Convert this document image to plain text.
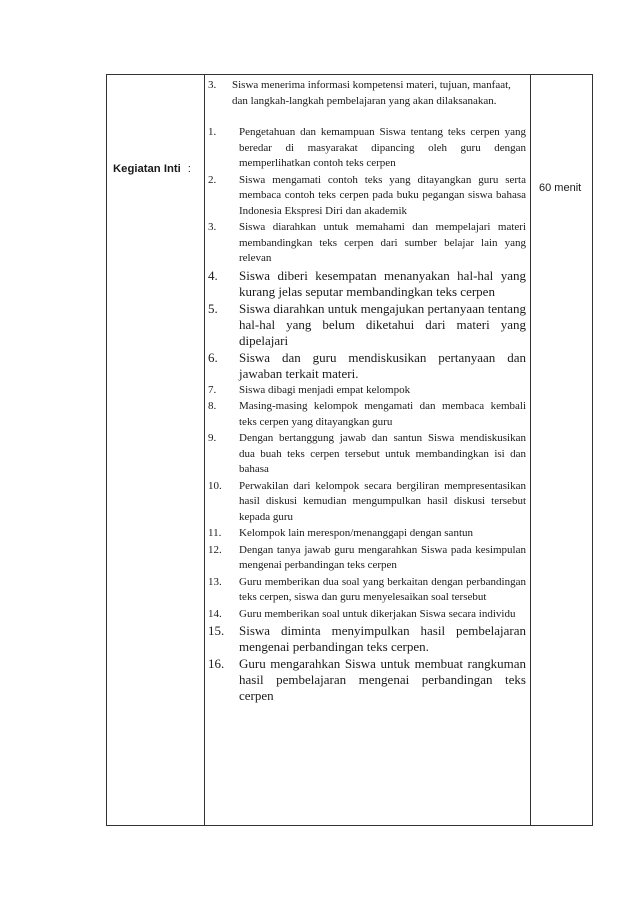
Kegiatan Inti :
3. Siswa menerima informasi kompetensi materi, tujuan, manfaat, dan langkah-langkah pembelajaran yang akan dilaksanakan.
1.	Pengetahuan dan kemampuan Siswa tentang teks cerpen yang beredar di masyarakat dipancing oleh guru dengan memperlihatkan contoh teks cerpen
2.	Siswa mengamati contoh teks yang ditayangkan guru serta membaca contoh teks cerpen pada buku pegangan siswa bahasa Indonesia Ekspresi Diri dan akademik
3.	Siswa diarahkan untuk memahami dan mempelajari materi membandingkan teks cerpen dari sumber belajar lain yang relevan
4.	Siswa diberi kesempatan menanyakan hal-hal yang kurang jelas seputar membandingkan teks cerpen
5.	Siswa diarahkan untuk mengajukan pertanyaan tentang hal-hal yang belum diketahui dari materi yang dipelajari
6.	Siswa dan guru mendiskusikan pertanyaan dan jawaban terkait materi.
7.	Siswa dibagi menjadi empat kelompok
8.	Masing-masing kelompok mengamati dan membaca kembali teks cerpen yang ditayangkan guru
9.	Dengan bertanggung jawab dan santun Siswa mendiskusikan dua buah teks cerpen tersebut untuk membandingkan isi dan bahasa
10.	Perwakilan dari kelompok secara bergiliran mempresentasikan hasil diskusi kemudian mengumpulkan hasil diskusi tersebut kepada guru
11.	Kelompok lain merespon/menanggapi dengan santun
12.	Dengan tanya jawab guru mengarahkan Siswa pada kesimpulan mengenai perbandingan teks cerpen
13.	Guru memberikan dua soal yang berkaitan dengan perbandingan teks cerpen, siswa dan guru menyelesaikan soal tersebut
14.	Guru memberikan soal untuk dikerjakan Siswa secara individu
15.	Siswa diminta menyimpulkan hasil pembelajaran mengenai perbandingan teks cerpen.
16.	Guru mengarahkan Siswa untuk membuat rangkuman hasil pembelajaran mengenai perbandingan teks cerpen
60 menit
